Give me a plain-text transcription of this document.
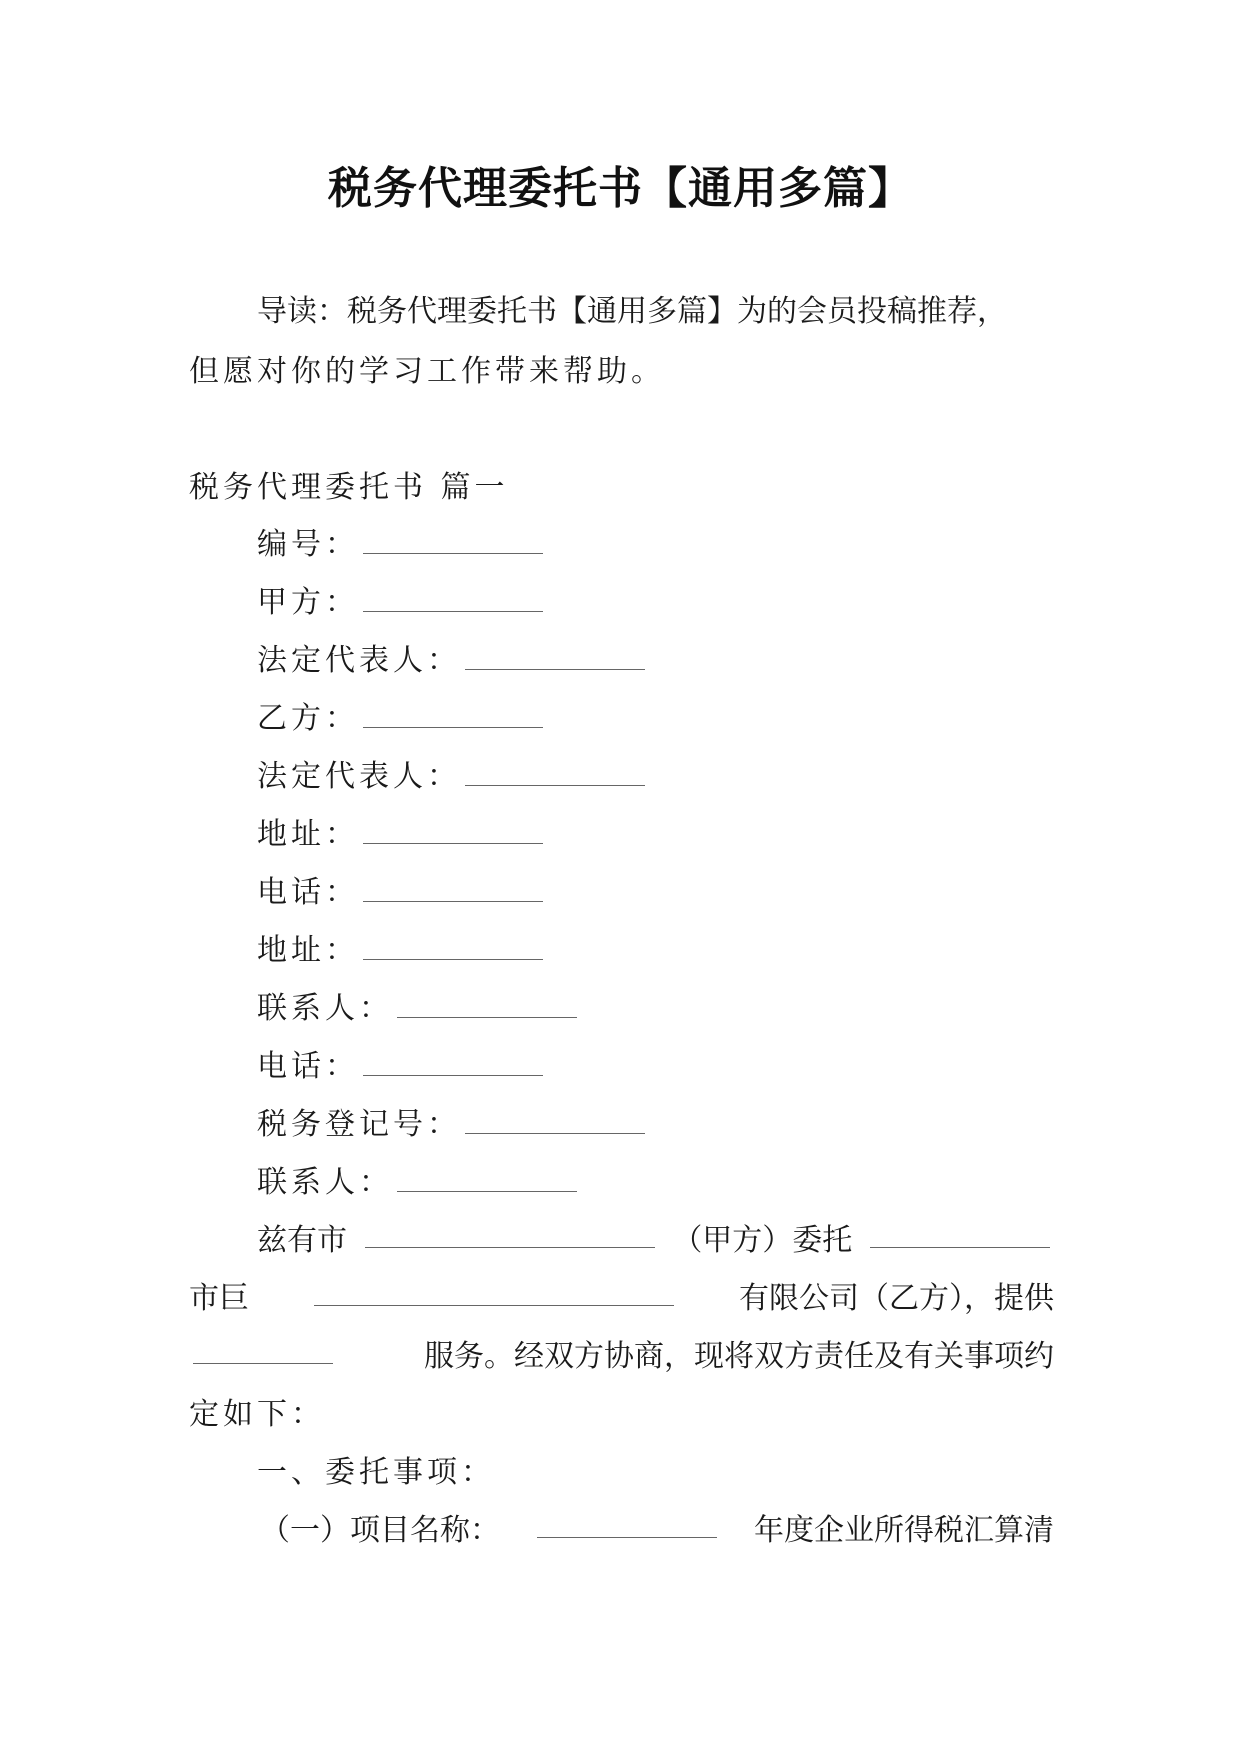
税务代理委托书【通用多篇】
导读：税务代理委托书【通用多篇】为的会员投稿推荐，
但愿对你的学习工作带来帮助。
税务代理委托书 篇一
编号：
甲方：
法定代表人：
乙方：
法定代表人：
地址：
电话：
地址：
联系人：
电话：
税务登记号：
联系人：
兹有市	（甲方）委托
市巨	有限公司（乙方），提供
服务。经双方协商，现将双方责任及有关事项约
定如下：
一、委托事项：
（一）项目名称：	年度企业所得税汇算清
